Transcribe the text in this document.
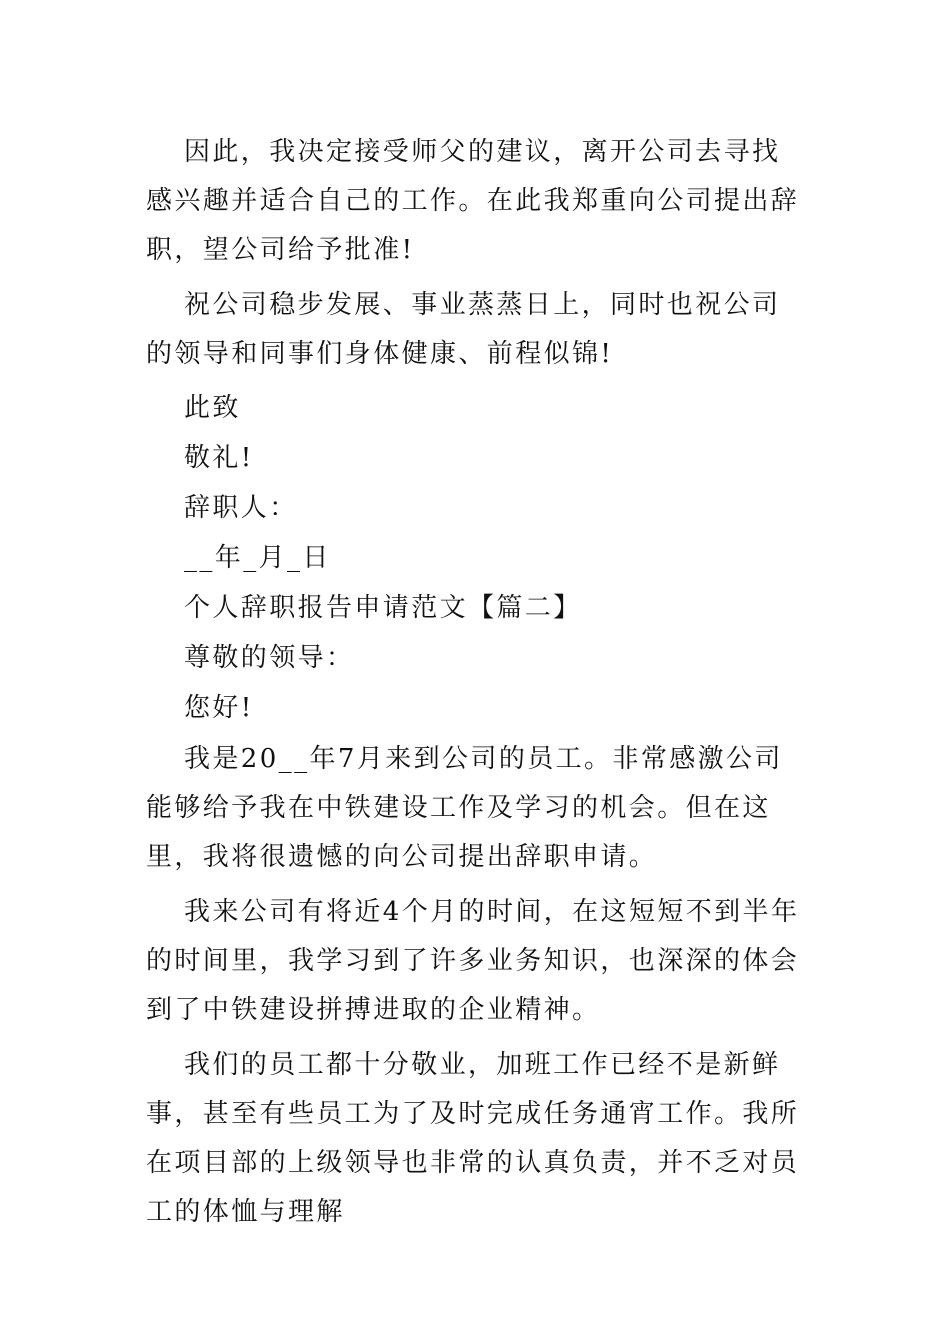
因此，我决定接受师父的建议，离开公司去寻找感兴趣并适合自己的工作。在此我郑重向公司提出辞职，望公司给予批准!

祝公司稳步发展、事业蒸蒸日上，同时也祝公司的领导和同事们身体健康、前程似锦!

此致
敬礼!
辞职人：
__年_月_日
个人辞职报告申请范文【篇二】
尊敬的领导：
您好!

我是20__年7月来到公司的员工。非常感激公司能够给予我在中铁建设工作及学习的机会。但在这里，我将很遗憾的向公司提出辞职申请。

我来公司有将近4个月的时间，在这短短不到半年的时间里，我学习到了许多业务知识，也深深的体会到了中铁建设拼搏进取的企业精神。

我们的员工都十分敬业，加班工作已经不是新鲜事，甚至有些员工为了及时完成任务通宵工作。我所在项目部的上级领导也非常的认真负责，并不乏对员工的体恤与理解
